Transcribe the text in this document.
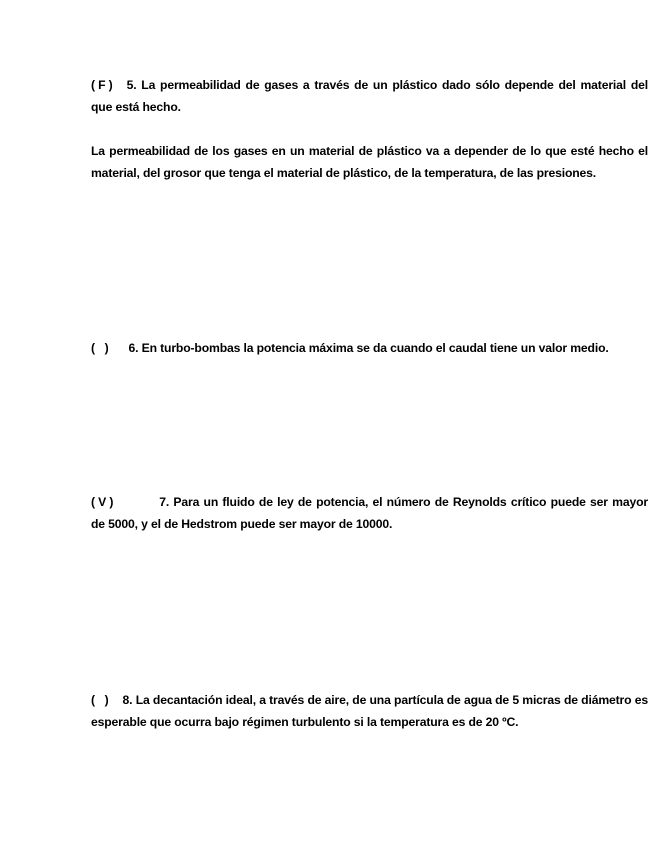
( F ) 5. La permeabilidad de gases a través de un plástico dado sólo depende del material del que está hecho.
La permeabilidad de los gases en un material de plástico va a depender de lo que esté hecho el material, del grosor que tenga el material de plástico, de la temperatura, de las presiones.
(   ) 6. En turbo-bombas la potencia máxima se da cuando el caudal tiene un valor medio.
( V )	7. Para un fluido de ley de potencia, el número de Reynolds crítico puede ser mayor de 5000, y el de Hedstrom puede ser mayor de 10000.
(   ) 8. La decantación ideal, a través de aire, de una partícula de agua de 5 micras de diámetro es esperable que ocurra bajo régimen turbulento si la temperatura es de 20 ºC.
